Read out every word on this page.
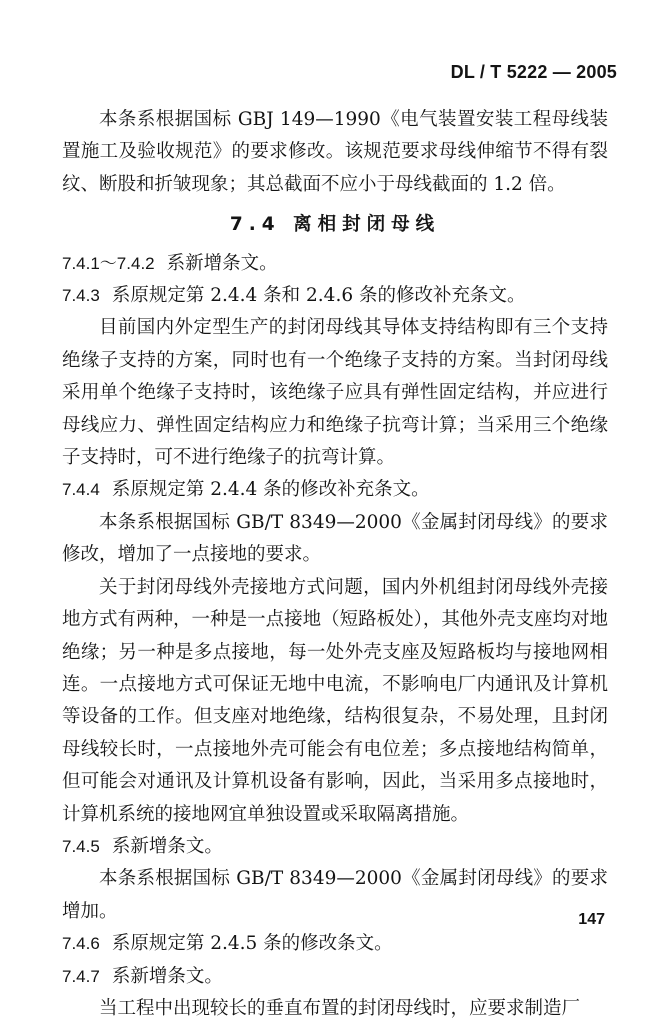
DL / T 5222 — 2005

本条系根据国标 GBJ 149—1990《电气装置安装工程母线装置施工及验收规范》的要求修改。该规范要求母线伸缩节不得有裂纹、断股和折皱现象；其总截面不应小于母线截面的 1.2 倍。

7.4 离相封闭母线

7.4.1～7.4.2 系新增条文。

7.4.3 系原规定第 2.4.4 条和 2.4.6 条的修改补充条文。

目前国内外定型生产的封闭母线其导体支持结构即有三个支持绝缘子支持的方案，同时也有一个绝缘子支持的方案。当封闭母线采用单个绝缘子支持时，该绝缘子应具有弹性固定结构，并应进行母线应力、弹性固定结构应力和绝缘子抗弯计算；当采用三个绝缘子支持时，可不进行绝缘子的抗弯计算。

7.4.4 系原规定第 2.4.4 条的修改补充条文。

本条系根据国标 GB/T 8349—2000《金属封闭母线》的要求修改，增加了一点接地的要求。

关于封闭母线外壳接地方式问题，国内外机组封闭母线外壳接地方式有两种，一种是一点接地（短路板处），其他外壳支座均对地绝缘；另一种是多点接地，每一处外壳支座及短路板均与接地网相连。一点接地方式可保证无地中电流，不影响电厂内通讯及计算机等设备的工作。但支座对地绝缘，结构很复杂，不易处理，且封闭母线较长时，一点接地外壳可能会有电位差；多点接地结构简单，但可能会对通讯及计算机设备有影响，因此，当采用多点接地时，计算机系统的接地网宜单独设置或采取隔离措施。

7.4.5 系新增条文。

本条系根据国标 GB/T 8349—2000《金属封闭母线》的要求增加。

7.4.6 系原规定第 2.4.5 条的修改条文。

7.4.7 系新增条文。

当工程中出现较长的垂直布置的封闭母线时，应要求制造厂

147
